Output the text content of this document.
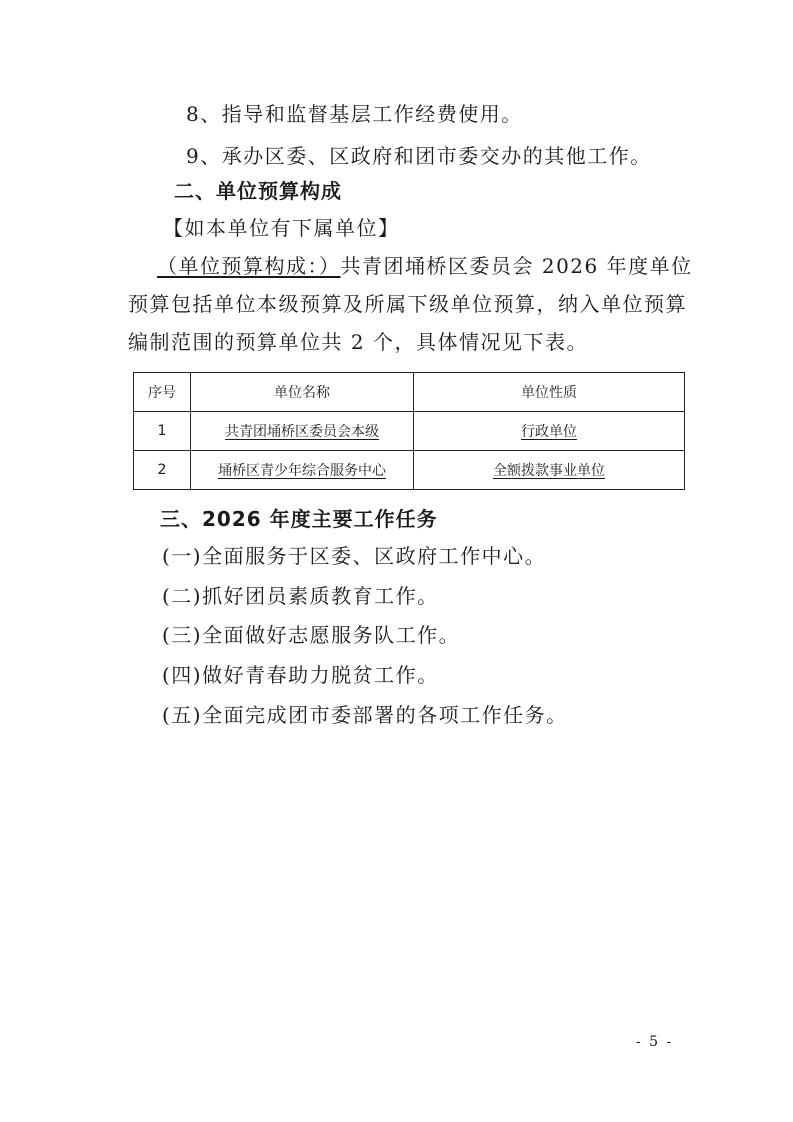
8、指导和监督基层工作经费使用。
9、承办区委、区政府和团市委交办的其他工作。
二、单位预算构成
【如本单位有下属单位】
（单位预算构成：）共青团埇桥区委员会 2026 年度单位
预算包括单位本级预算及所属下级单位预算，纳入单位预算
编制范围的预算单位共 2 个，具体情况见下表。
序号	单位名称	单位性质
1	共青团埇桥区委员会本级	行政单位
2	埇桥区青少年综合服务中心	全额拨款事业单位
三、2026 年度主要工作任务
(一)全面服务于区委、区政府工作中心。
(二)抓好团员素质教育工作。
(三)全面做好志愿服务队工作。
(四)做好青春助力脱贫工作。
(五)全面完成团市委部署的各项工作任务。
- 5 -
